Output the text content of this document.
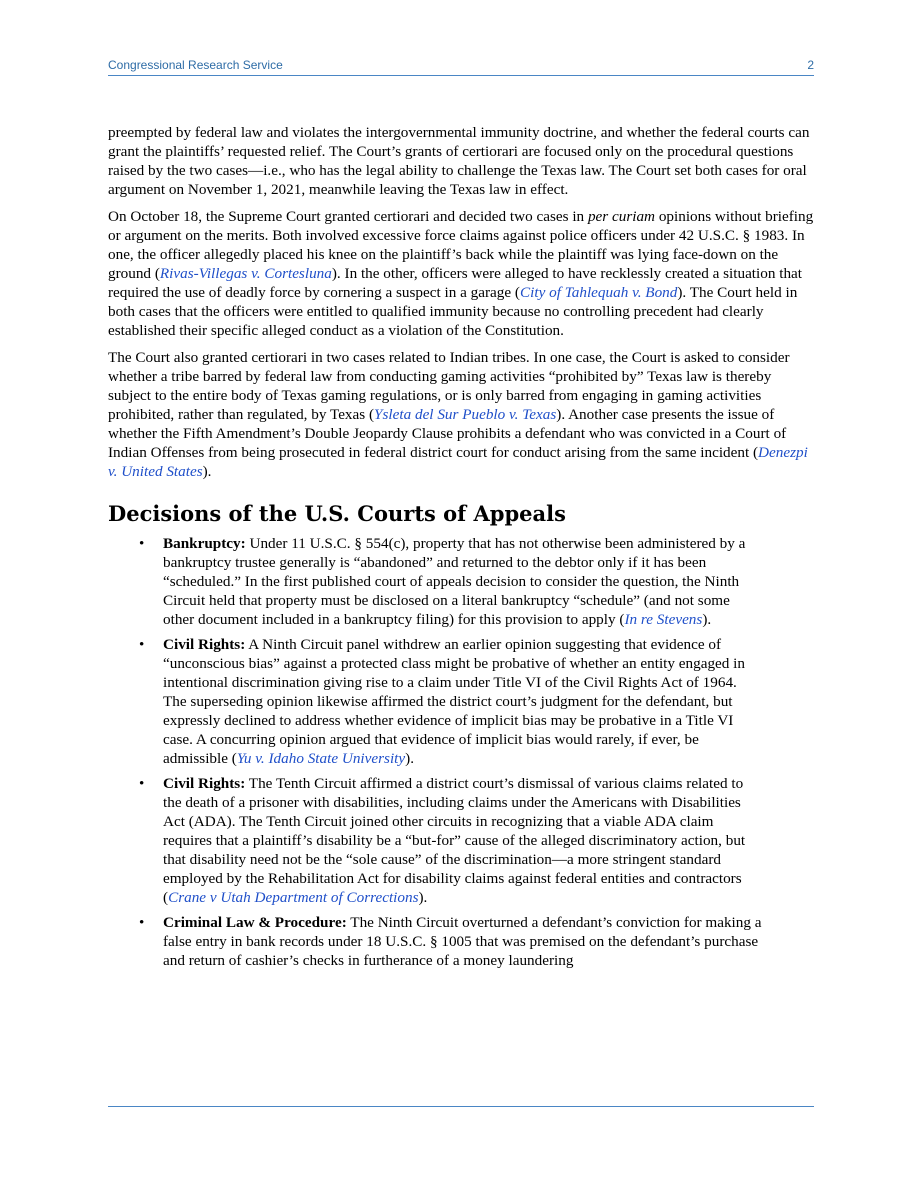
Congressional Research Service	2

preempted by federal law and violates the intergovernmental immunity doctrine, and whether the federal courts can grant the plaintiffs’ requested relief. The Court’s grants of certiorari are focused only on the procedural questions raised by the two cases—i.e., who has the legal ability to challenge the Texas law. The Court set both cases for oral argument on November 1, 2021, meanwhile leaving the Texas law in effect.

On October 18, the Supreme Court granted certiorari and decided two cases in per curiam opinions without briefing or argument on the merits. Both involved excessive force claims against police officers under 42 U.S.C. § 1983. In one, the officer allegedly placed his knee on the plaintiff’s back while the plaintiff was lying face-down on the ground (Rivas-Villegas v. Cortesluna). In the other, officers were alleged to have recklessly created a situation that required the use of deadly force by cornering a suspect in a garage (City of Tahlequah v. Bond). The Court held in both cases that the officers were entitled to qualified immunity because no controlling precedent had clearly established their specific alleged conduct as a violation of the Constitution.

The Court also granted certiorari in two cases related to Indian tribes. In one case, the Court is asked to consider whether a tribe barred by federal law from conducting gaming activities “prohibited by” Texas law is thereby subject to the entire body of Texas gaming regulations, or is only barred from engaging in gaming activities prohibited, rather than regulated, by Texas (Ysleta del Sur Pueblo v. Texas). Another case presents the issue of whether the Fifth Amendment’s Double Jeopardy Clause prohibits a defendant who was convicted in a Court of Indian Offenses from being prosecuted in federal district court for conduct arising from the same incident (Denezpi v. United States).

Decisions of the U.S. Courts of Appeals
• Bankruptcy: Under 11 U.S.C. § 554(c), property that has not otherwise been administered by a bankruptcy trustee generally is “abandoned” and returned to the debtor only if it has been “scheduled.” In the first published court of appeals decision to consider the question, the Ninth Circuit held that property must be disclosed on a literal bankruptcy “schedule” (and not some other document included in a bankruptcy filing) for this provision to apply (In re Stevens).
• Civil Rights: A Ninth Circuit panel withdrew an earlier opinion suggesting that evidence of “unconscious bias” against a protected class might be probative of whether an entity engaged in intentional discrimination giving rise to a claim under Title VI of the Civil Rights Act of 1964. The superseding opinion likewise affirmed the district court’s judgment for the defendant, but expressly declined to address whether evidence of implicit bias may be probative in a Title VI case. A concurring opinion argued that evidence of implicit bias would rarely, if ever, be admissible (Yu v. Idaho State University).
• Civil Rights: The Tenth Circuit affirmed a district court’s dismissal of various claims related to the death of a prisoner with disabilities, including claims under the Americans with Disabilities Act (ADA). The Tenth Circuit joined other circuits in recognizing that a viable ADA claim requires that a plaintiff’s disability be a “but-for” cause of the alleged discriminatory action, but that disability need not be the “sole cause” of the discrimination—a more stringent standard employed by the Rehabilitation Act for disability claims against federal entities and contractors (Crane v Utah Department of Corrections).
• Criminal Law & Procedure: The Ninth Circuit overturned a defendant’s conviction for making a false entry in bank records under 18 U.S.C. § 1005 that was premised on the defendant’s purchase and return of cashier’s checks in furtherance of a money laundering
